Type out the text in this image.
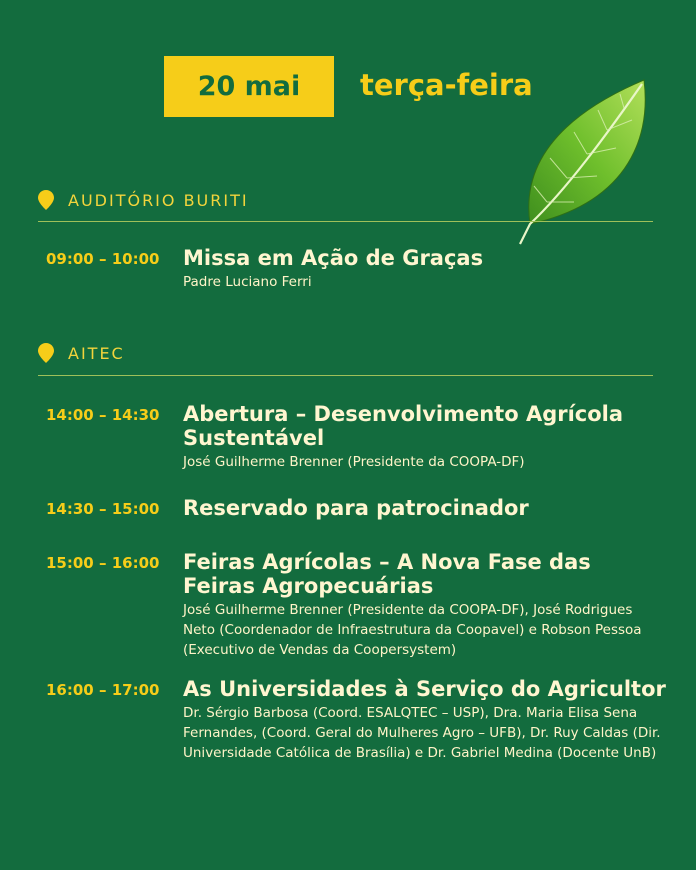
20 mai terça-feira
AUDITÓRIO BURITI
09:00 – 10:00	Missa em Ação de Graças
Padre Luciano Ferri
AITEC
14:00 – 14:30	Abertura – Desenvolvimento Agrícola Sustentável
José Guilherme Brenner (Presidente da COOPA-DF)
14:30 – 15:00	Reservado para patrocinador
15:00 – 16:00	Feiras Agrícolas – A Nova Fase das Feiras Agropecuárias
José Guilherme Brenner (Presidente da COOPA-DF), José Rodrigues Neto (Coordenador de Infraestrutura da Coopavel) e Robson Pessoa (Executivo de Vendas da Coopersystem)
16:00 – 17:00	As Universidades à Serviço do Agricultor
Dr. Sérgio Barbosa (Coord. ESALQTEC – USP), Dra. Maria Elisa Sena Fernandes, (Coord. Geral do Mulheres Agro – UFB), Dr. Ruy Caldas (Dir. Universidade Católica de Brasília) e Dr. Gabriel Medina (Docente UnB)
